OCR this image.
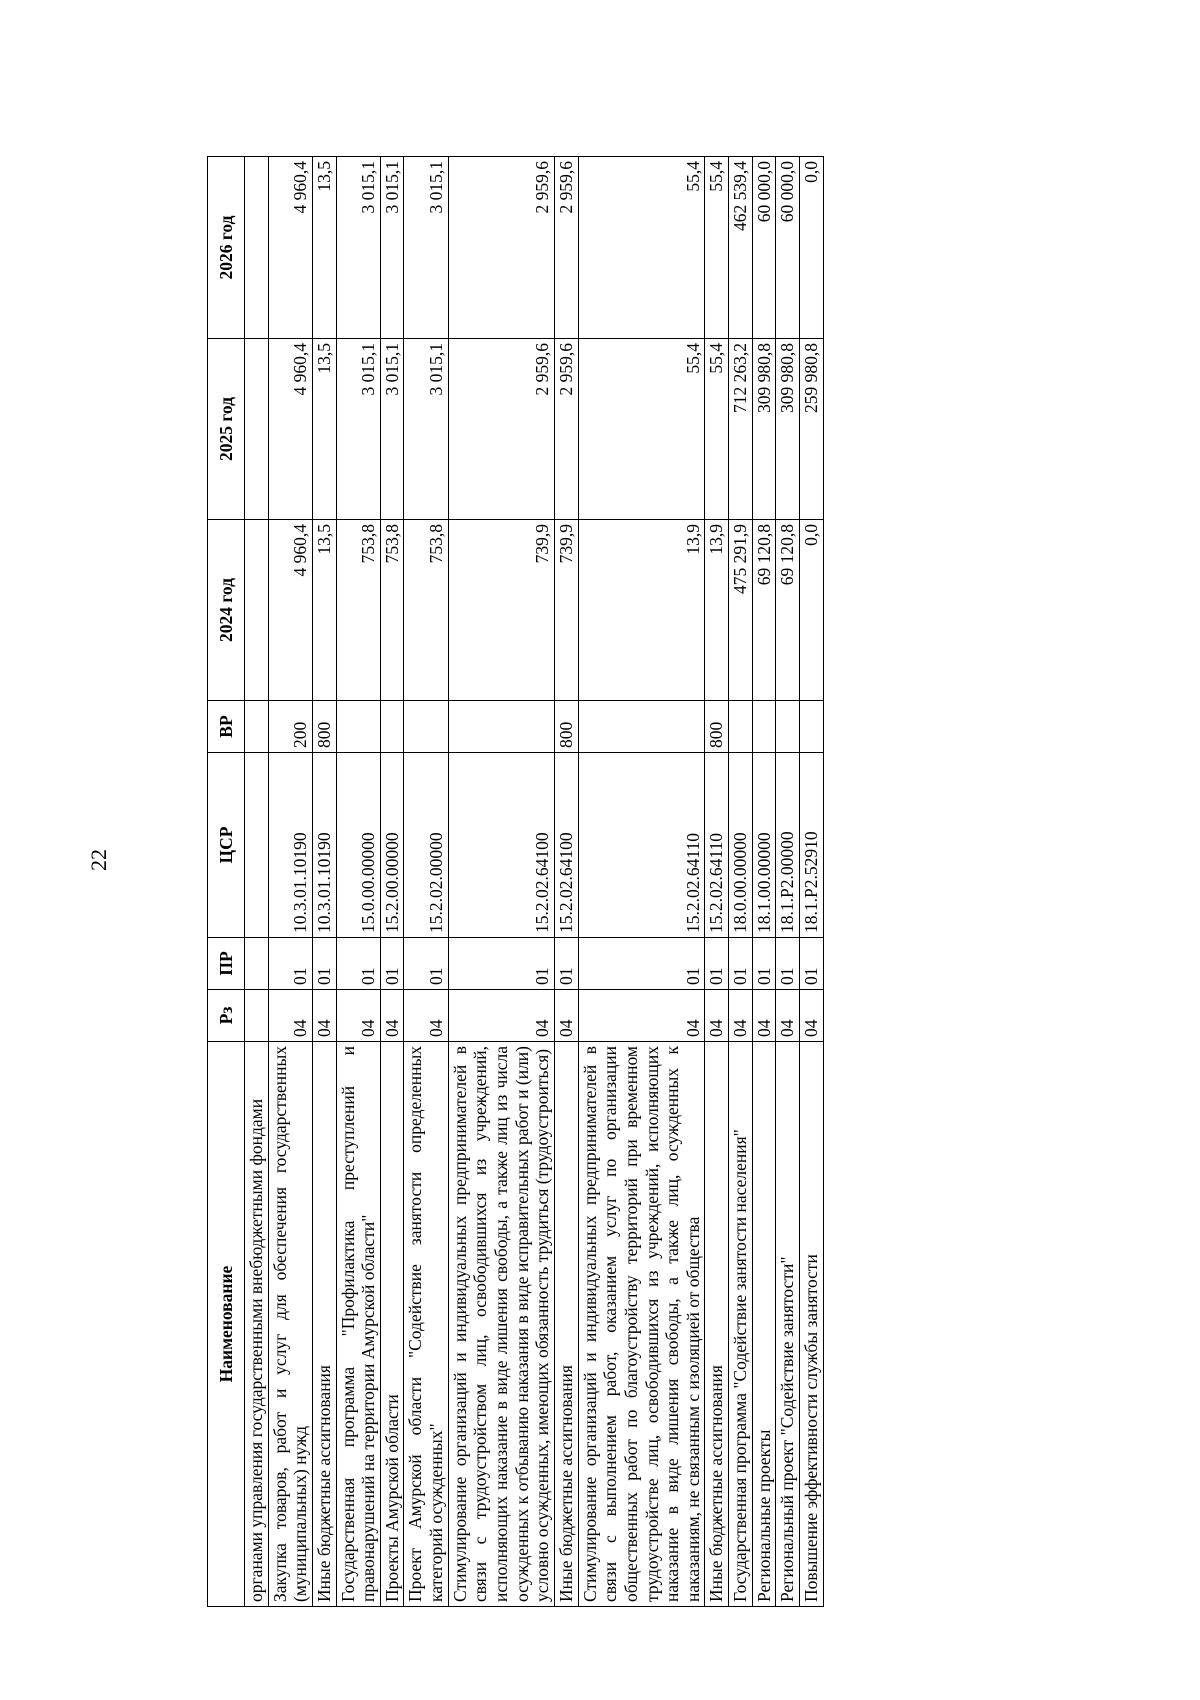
22
Наименование	Рз	ПР	ЦСР	ВР	2024 год	2025 год	2026 год
органами управления государственными внебюджетными фондами							
Закупка товаров, работ и услуг для обеспечения государственных (муниципальных) нужд	04	01	10.3.01.10190	200	4 960,4	4 960,4	4 960,4
Иные бюджетные ассигнования	04	01	10.3.01.10190	800	13,5	13,5	13,5
Государственная программа "Профилактика преступлений и правонарушений на территории Амурской области"	04	01	15.0.00.00000		753,8	3 015,1	3 015,1
Проекты Амурской области	04	01	15.2.00.00000		753,8	3 015,1	3 015,1
Проект Амурской области "Содействие занятости определенных категорий осужденных"	04	01	15.2.02.00000		753,8	3 015,1	3 015,1
Стимулирование организаций и индивидуальных предпринимателей в связи с трудоустройством лиц, освободившихся из учреждений, исполняющих наказание в виде лишения свободы, а также лиц из числа осужденных к отбыванию наказания в виде исправительных работ и (или) условно осужденных, имеющих обязанность трудиться (трудоустроиться)	04	01	15.2.02.64100		739,9	2 959,6	2 959,6
Иные бюджетные ассигнования	04	01	15.2.02.64100	800	739,9	2 959,6	2 959,6
Стимулирование организаций и индивидуальных предпринимателей в связи с выполнением работ, оказанием услуг по организации общественных работ по благоустройству территорий при временном трудоустройстве лиц, освободившихся из учреждений, исполняющих наказание в виде лишения свободы, а также лиц, осужденных к наказаниям, не связанным с изоляцией от общества	04	01	15.2.02.64110		13,9	55,4	55,4
Иные бюджетные ассигнования	04	01	15.2.02.64110	800	13,9	55,4	55,4
Государственная программа "Содействие занятости населения"	04	01	18.0.00.00000		475 291,9	712 263,2	462 539,4
Региональные проекты	04	01	18.1.00.00000		69 120,8	309 980,8	60 000,0
Региональный проект "Содействие занятости"	04	01	18.1.P2.00000		69 120,8	309 980,8	60 000,0
Повышение эффективности службы занятости	04	01	18.1.P2.52910		0,0	259 980,8	0,0
